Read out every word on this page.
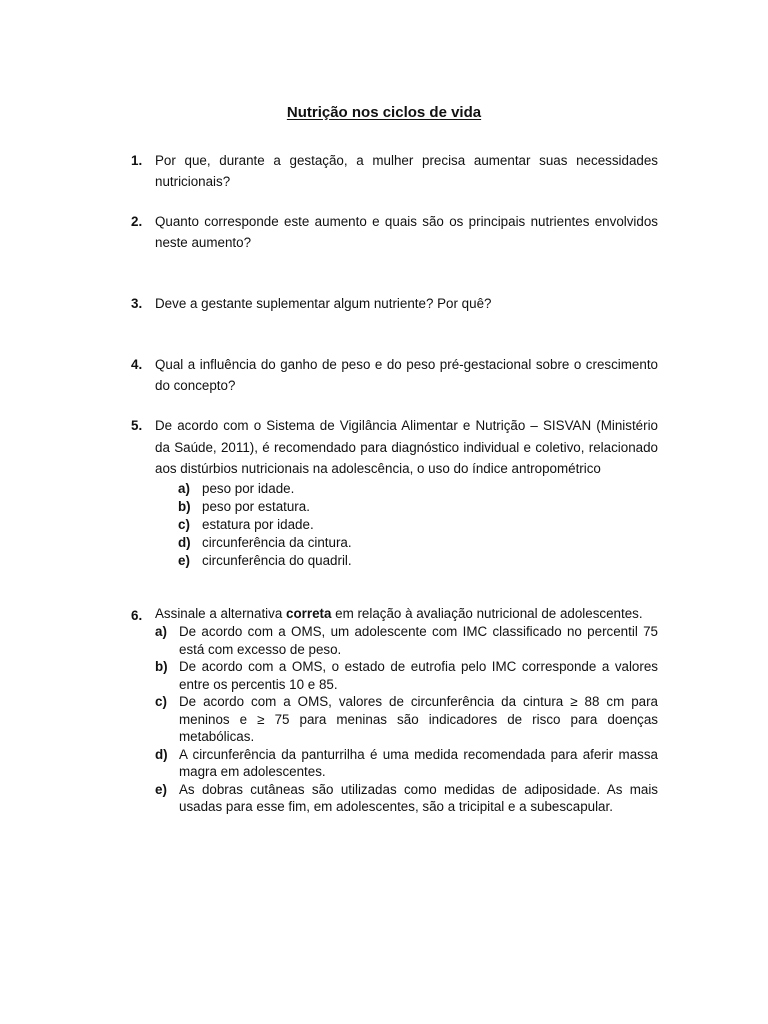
Nutrição nos ciclos de vida
1. Por que, durante a gestação, a mulher precisa aumentar suas necessidades nutricionais?
2. Quanto corresponde este aumento e quais são os principais nutrientes envolvidos neste aumento?
3. Deve a gestante suplementar algum nutriente? Por quê?
4. Qual a influência do ganho de peso e do peso pré-gestacional sobre o crescimento do concepto?
5. De acordo com o Sistema de Vigilância Alimentar e Nutrição – SISVAN (Ministério da Saúde, 2011), é recomendado para diagnóstico individual e coletivo, relacionado aos distúrbios nutricionais na adolescência, o uso do índice antropométrico
a) peso por idade.
b) peso por estatura.
c) estatura por idade.
d) circunferência da cintura.
e) circunferência do quadril.
6. Assinale a alternativa correta em relação à avaliação nutricional de adolescentes.
a) De acordo com a OMS, um adolescente com IMC classificado no percentil 75 está com excesso de peso.
b) De acordo com a OMS, o estado de eutrofia pelo IMC corresponde a valores entre os percentis 10 e 85.
c) De acordo com a OMS, valores de circunferência da cintura ≥ 88 cm para meninos e ≥ 75 para meninas são indicadores de risco para doenças metabólicas.
d) A circunferência da panturrilha é uma medida recomendada para aferir massa magra em adolescentes.
e) As dobras cutâneas são utilizadas como medidas de adiposidade. As mais usadas para esse fim, em adolescentes, são a tricipital e a subescapular.
